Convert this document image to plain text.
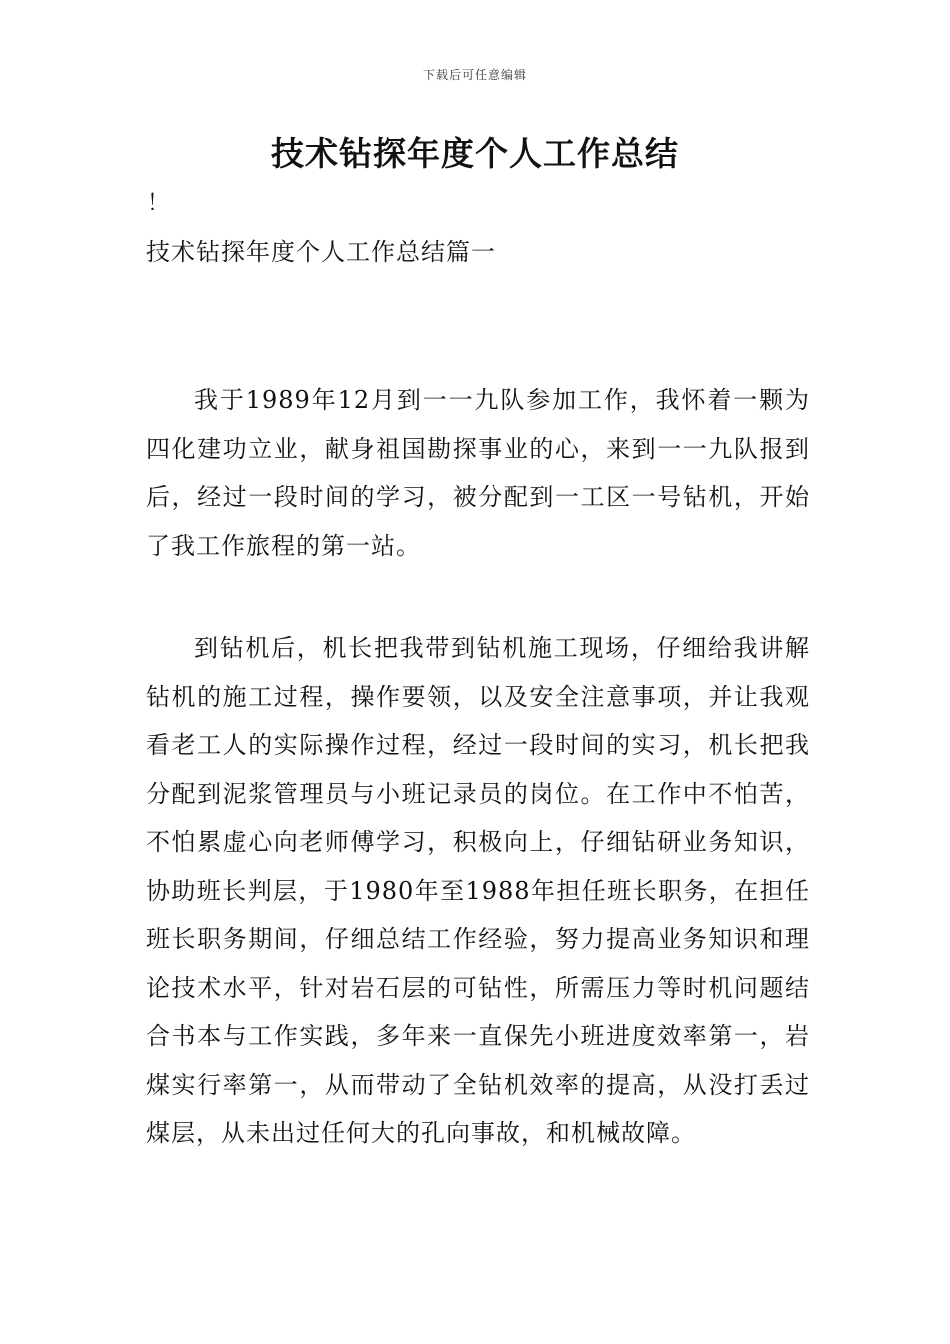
下载后可任意编辑
技术钻探年度个人工作总结
！
技术钻探年度个人工作总结篇一

我于1989年12月到一一九队参加工作，我怀着一颗为四化建功立业，献身祖国勘探事业的心，来到一一九队报到后，经过一段时间的学习，被分配到一工区一号钻机，开始了我工作旅程的第一站。

到钻机后，机长把我带到钻机施工现场，仔细给我讲解钻机的施工过程，操作要领，以及安全注意事项，并让我观看老工人的实际操作过程，经过一段时间的实习，机长把我分配到泥浆管理员与小班记录员的岗位。在工作中不怕苦，不怕累虚心向老师傅学习，积极向上，仔细钻研业务知识，协助班长判层，于1980年至1988年担任班长职务，在担任班长职务期间，仔细总结工作经验，努力提高业务知识和理论技术水平，针对岩石层的可钻性，所需压力等时机问题结合书本与工作实践，多年来一直保先小班进度效率第一，岩煤实行率第一，从而带动了全钻机效率的提高，从没打丢过煤层，从未出过任何大的孔向事故，和机械故障。
